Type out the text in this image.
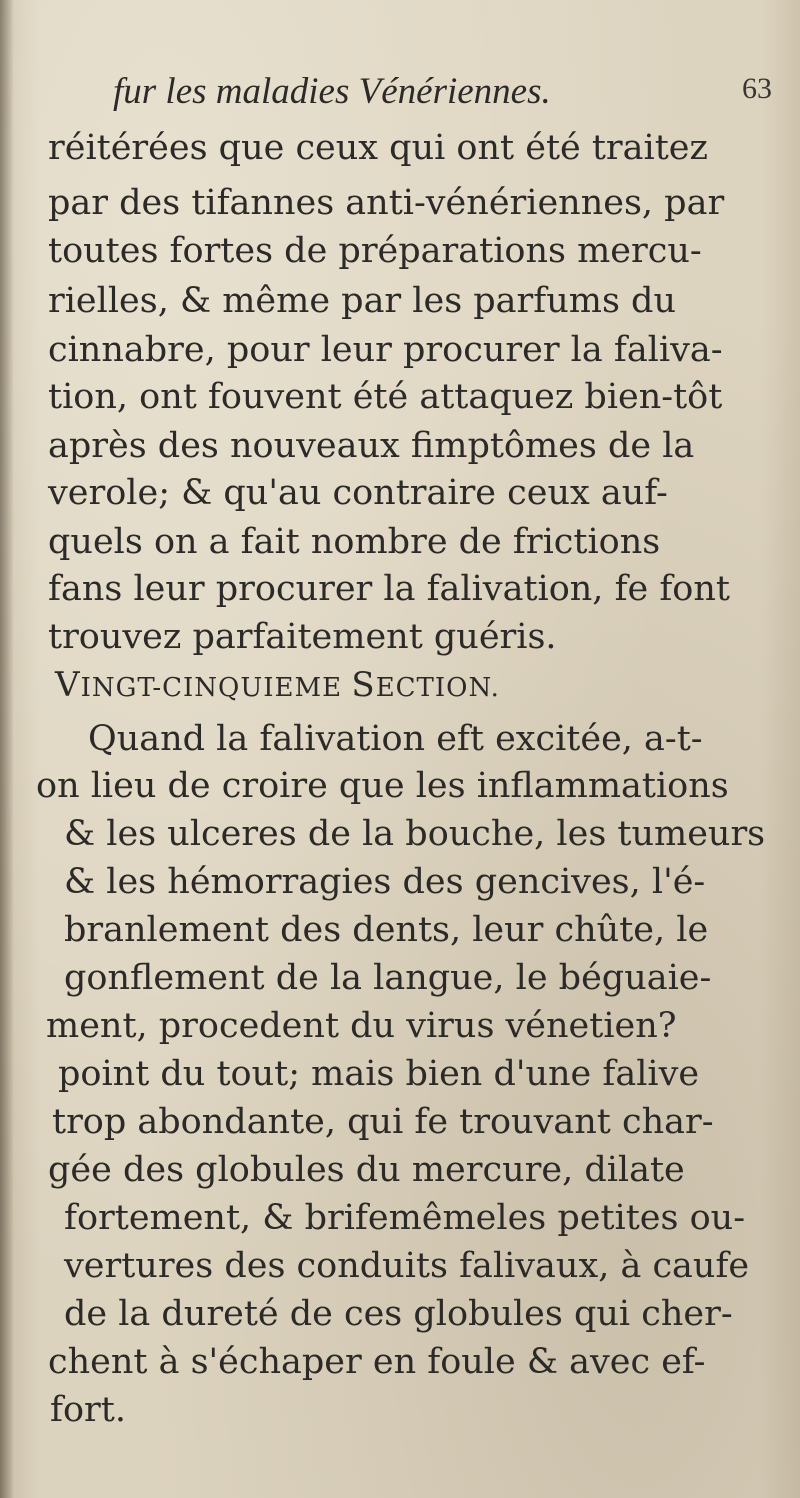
fur les maladies Vénériennes.	63
réitérées que ceux qui ont été traitez
par des tifannes anti-vénériennes, par
toutes fortes de préparations mercu-
rielles, & même par les parfums du
cinnabre, pour leur procurer la faliva-
tion, ont fouvent été attaquez bien-tôt
après des nouveaux fimptômes de la
verole; & qu'au contraire ceux auf-
quels on a fait nombre de frictions
fans leur procurer la falivation, fe font
trouvez parfaitement guéris.
VINGT-CINQUIEME SECTION.
Quand la falivation eft excitée, a-t-
on lieu de croire que les inflammations
& les ulceres de la bouche, les tumeurs
& les hémorragies des gencives, l'é-
branlement des dents, leur chûte, le
gonflement de la langue, le béguaie-
ment, procedent du virus vénetien?
point du tout; mais bien d'une falive
trop abondante, qui fe trouvant char-
gée des globules du mercure, dilate
fortement, & brifemêmeles petites ou-
vertures des conduits falivaux, à caufe
de la dureté de ces globules qui cher-
chent à s'échaper en foule & avec ef-
fort.
